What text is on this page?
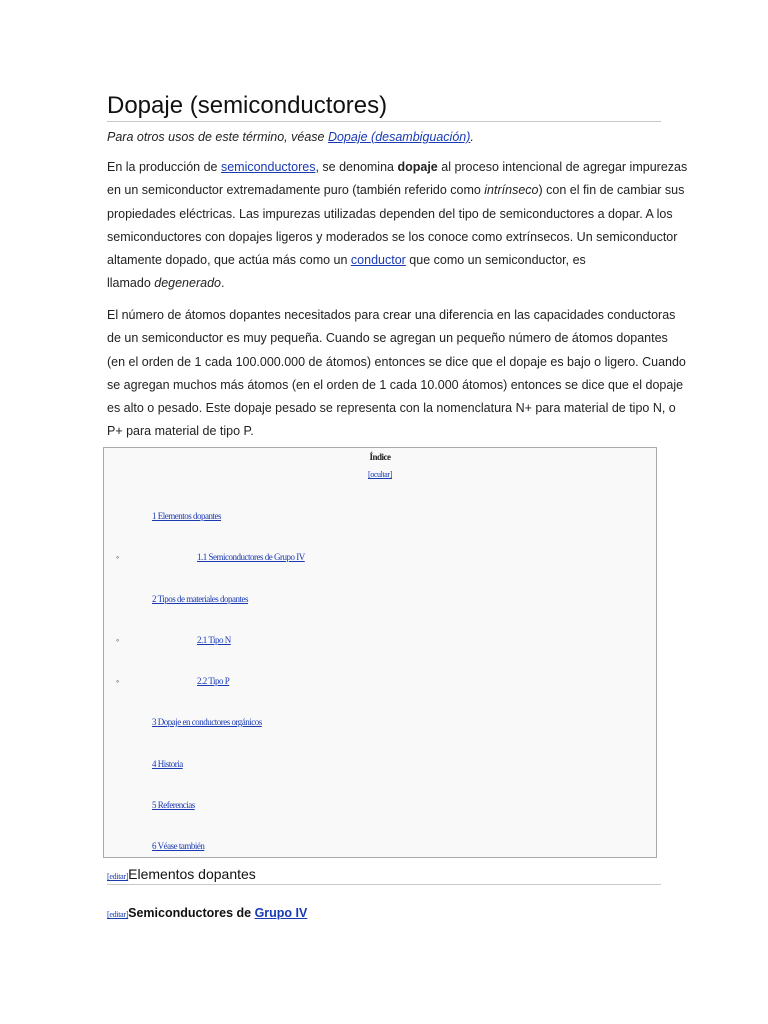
Dopaje (semiconductores)
Para otros usos de este término, véase Dopaje (desambiguación).
En la producción de semiconductores, se denomina dopaje al proceso intencional de agregar impurezas
en un semiconductor extremadamente puro (también referido como intrínseco) con el fin de cambiar sus
propiedades eléctricas. Las impurezas utilizadas dependen del tipo de semiconductores a dopar. A los
semiconductores con dopajes ligeros y moderados se los conoce como extrínsecos. Un semiconductor
altamente dopado, que actúa más como un conductor que como un semiconductor, es
llamado degenerado.
El número de átomos dopantes necesitados para crear una diferencia en las capacidades conductoras
de un semiconductor es muy pequeña. Cuando se agregan un pequeño número de átomos dopantes
(en el orden de 1 cada 100.000.000 de átomos) entonces se dice que el dopaje es bajo o ligero. Cuando
se agregan muchos más átomos (en el orden de 1 cada 10.000 átomos) entonces se dice que el dopaje
es alto o pesado. Este dopaje pesado se representa con la nomenclatura N+ para material de tipo N, o
P+ para material de tipo P.
Índice
[ocultar]
1 Elementos dopantes
◦	1.1 Semiconductores de Grupo IV
2 Tipos de materiales dopantes
◦	2.1 Tipo N
◦	2.2 Tipo P
3 Dopaje en conductores orgánicos
4 Historia
5 Referencias
6 Véase también
[editar]Elementos dopantes
[editar]Semiconductores de Grupo IV
